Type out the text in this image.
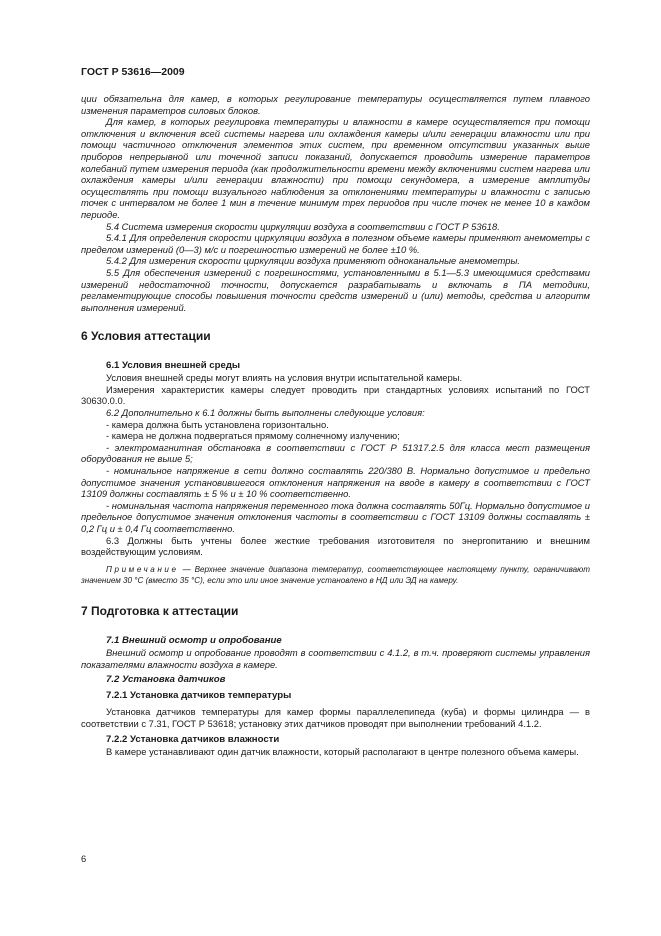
ГОСТ Р 53616—2009

ции обязательна для камер, в которых регулирование температуры осуществляется путем плавного изменения параметров силовых блоков.

Для камер, в которых регулировка температуры и влажности в камере осуществляется при помощи отключения и включения всей системы нагрева или охлаждения камеры и/или генерации влажности или при помощи частичного отключения элементов этих систем, при временном отсутствии указанных выше приборов непрерывной или точечной записи показаний, допускается проводить измерение параметров колебаний путем измерения периода (как продолжительности времени между включениями систем нагрева или охлаждения камеры и/или генерации влажности) при помощи секундомера, а измерение амплитуды осуществлять при помощи визуального наблюдения за отклонениями температуры и влажности с записью точек с интервалом не более 1 мин в течение минимум трех периодов при числе точек не менее 10 в каждом периоде.

5.4 Система измерения скорости циркуляции воздуха в соответствии с ГОСТ Р 53618.

5.4.1 Для определения скорости циркуляции воздуха в полезном объеме камеры применяют анемометры с пределом измерений (0—3) м/с и погрешностью измерений не более ±10 %.

5.4.2 Для измерения скорости циркуляции воздуха применяют одноканальные анемометры.

5.5 Для обеспечения измерений с погрешностями, установленными в 5.1—5.3 имеющимися средствами измерений недостаточной точности, допускается разрабатывать и включать в ПА методики, регламентирующие способы повышения точности средств измерений и (или) методы, средства и алгоритм выполнения измерений.

6 Условия аттестации
6.1 Условия внешней среды

Условия внешней среды могут влиять на условия внутри испытательной камеры.

Измерения характеристик камеры следует проводить при стандартных условиях испытаний по ГОСТ 30630.0.0.

6.2 Дополнительно к 6.1 должны быть выполнены следующие условия:

- камера должна быть установлена горизонтально.

- камера не должна подвергаться прямому солнечному излучению;

- электромагнитная обстановка в соответствии с ГОСТ Р 51317.2.5 для класса мест размещения оборудования не выше 5;

- номинальное напряжение в сети должно составлять 220/380 В. Нормально допустимое и предельно допустимое значения установившегося отклонения напряжения на вводе в камеру в соответствии с ГОСТ 13109 должны составлять ± 5 % и ± 10 % соответственно.

- номинальная частота напряжения переменного тока должна составлять 50Гц. Нормально допустимое и предельное допустимое значения отклонения частоты в соответствии с ГОСТ 13109 должны составлять ± 0,2 Гц и ± 0,4 Гц соответственно.

6.3 Должны быть учтены более жесткие требования изготовителя по энергопитанию и внешним воздействующим условиям.

Примечание — Верхнее значение диапазона температур, соответствующее настоящему пункту, ограничивают значением 30 °С (вместо 35 °С), если это или иное значение установлено в НД или ЭД на камеру.

7 Подготовка к аттестации
7.1 Внешний осмотр и опробование

Внешний осмотр и опробование проводят в соответствии с 4.1.2, в т.ч. проверяют системы управления показателями влажности воздуха в камере.

7.2 Установка датчиков
7.2.1 Установка датчиков температуры

Установка датчиков температуры для камер формы параллелепипеда (куба) и формы цилиндра — в соответствии с 7.31, ГОСТ Р 53618; установку этих датчиков проводят при выполнении требований 4.1.2.

7.2.2 Установка датчиков влажности

В камере устанавливают один датчик влажности, который располагают в центре полезного объема камеры.

6
